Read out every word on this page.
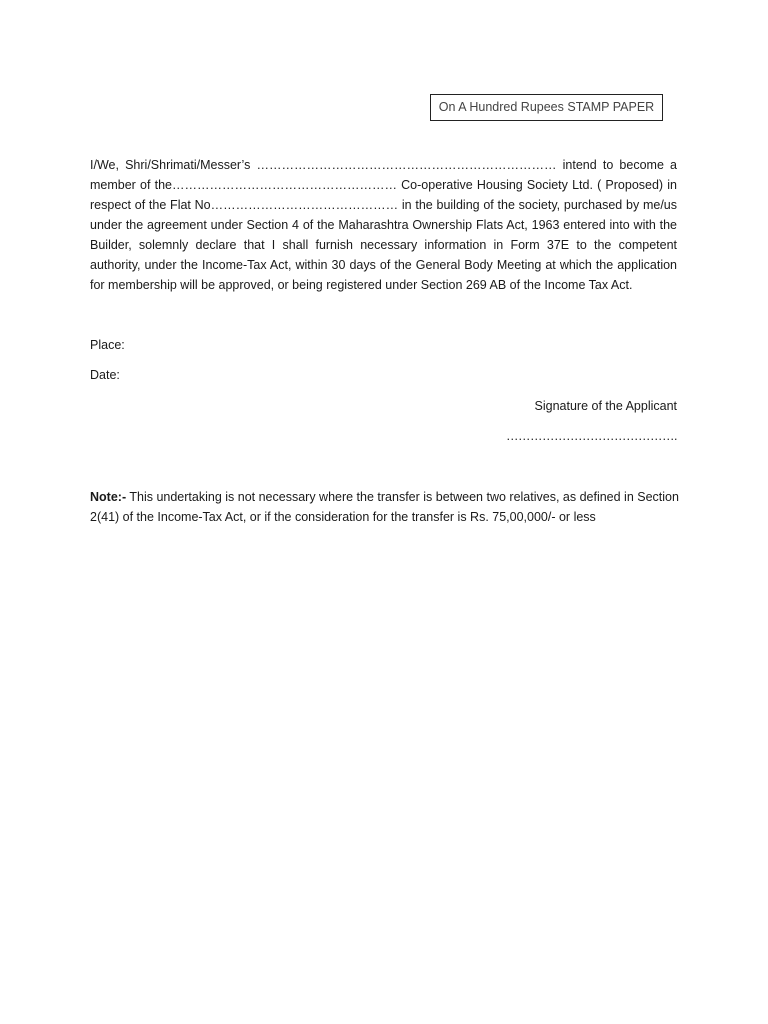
On A Hundred Rupees STAMP PAPER

I/We, Shri/Shrimati/Messer’s ……………………………………………………………… intend to become a member of the……………………………………………… Co-operative Housing Society Ltd. ( Proposed) in respect of the Flat No……………………………………… in the building of the society, purchased by me/us under the agreement under Section 4 of the Maharashtra Ownership Flats Act, 1963 entered into with the Builder, solemnly declare that I shall furnish necessary information in Form 37E to the competent authority, under the Income-Tax Act, within 30 days of the General Body Meeting at which the application for membership will be approved, or being registered under Section 269 AB of the Income Tax Act.

Place:
Date:
Signature of the Applicant
…………………………………….
Note:- This undertaking is not necessary where the transfer is between two relatives, as defined in Section 2(41) of the Income-Tax Act, or if the consideration for the transfer is Rs. 75,00,000/- or less
